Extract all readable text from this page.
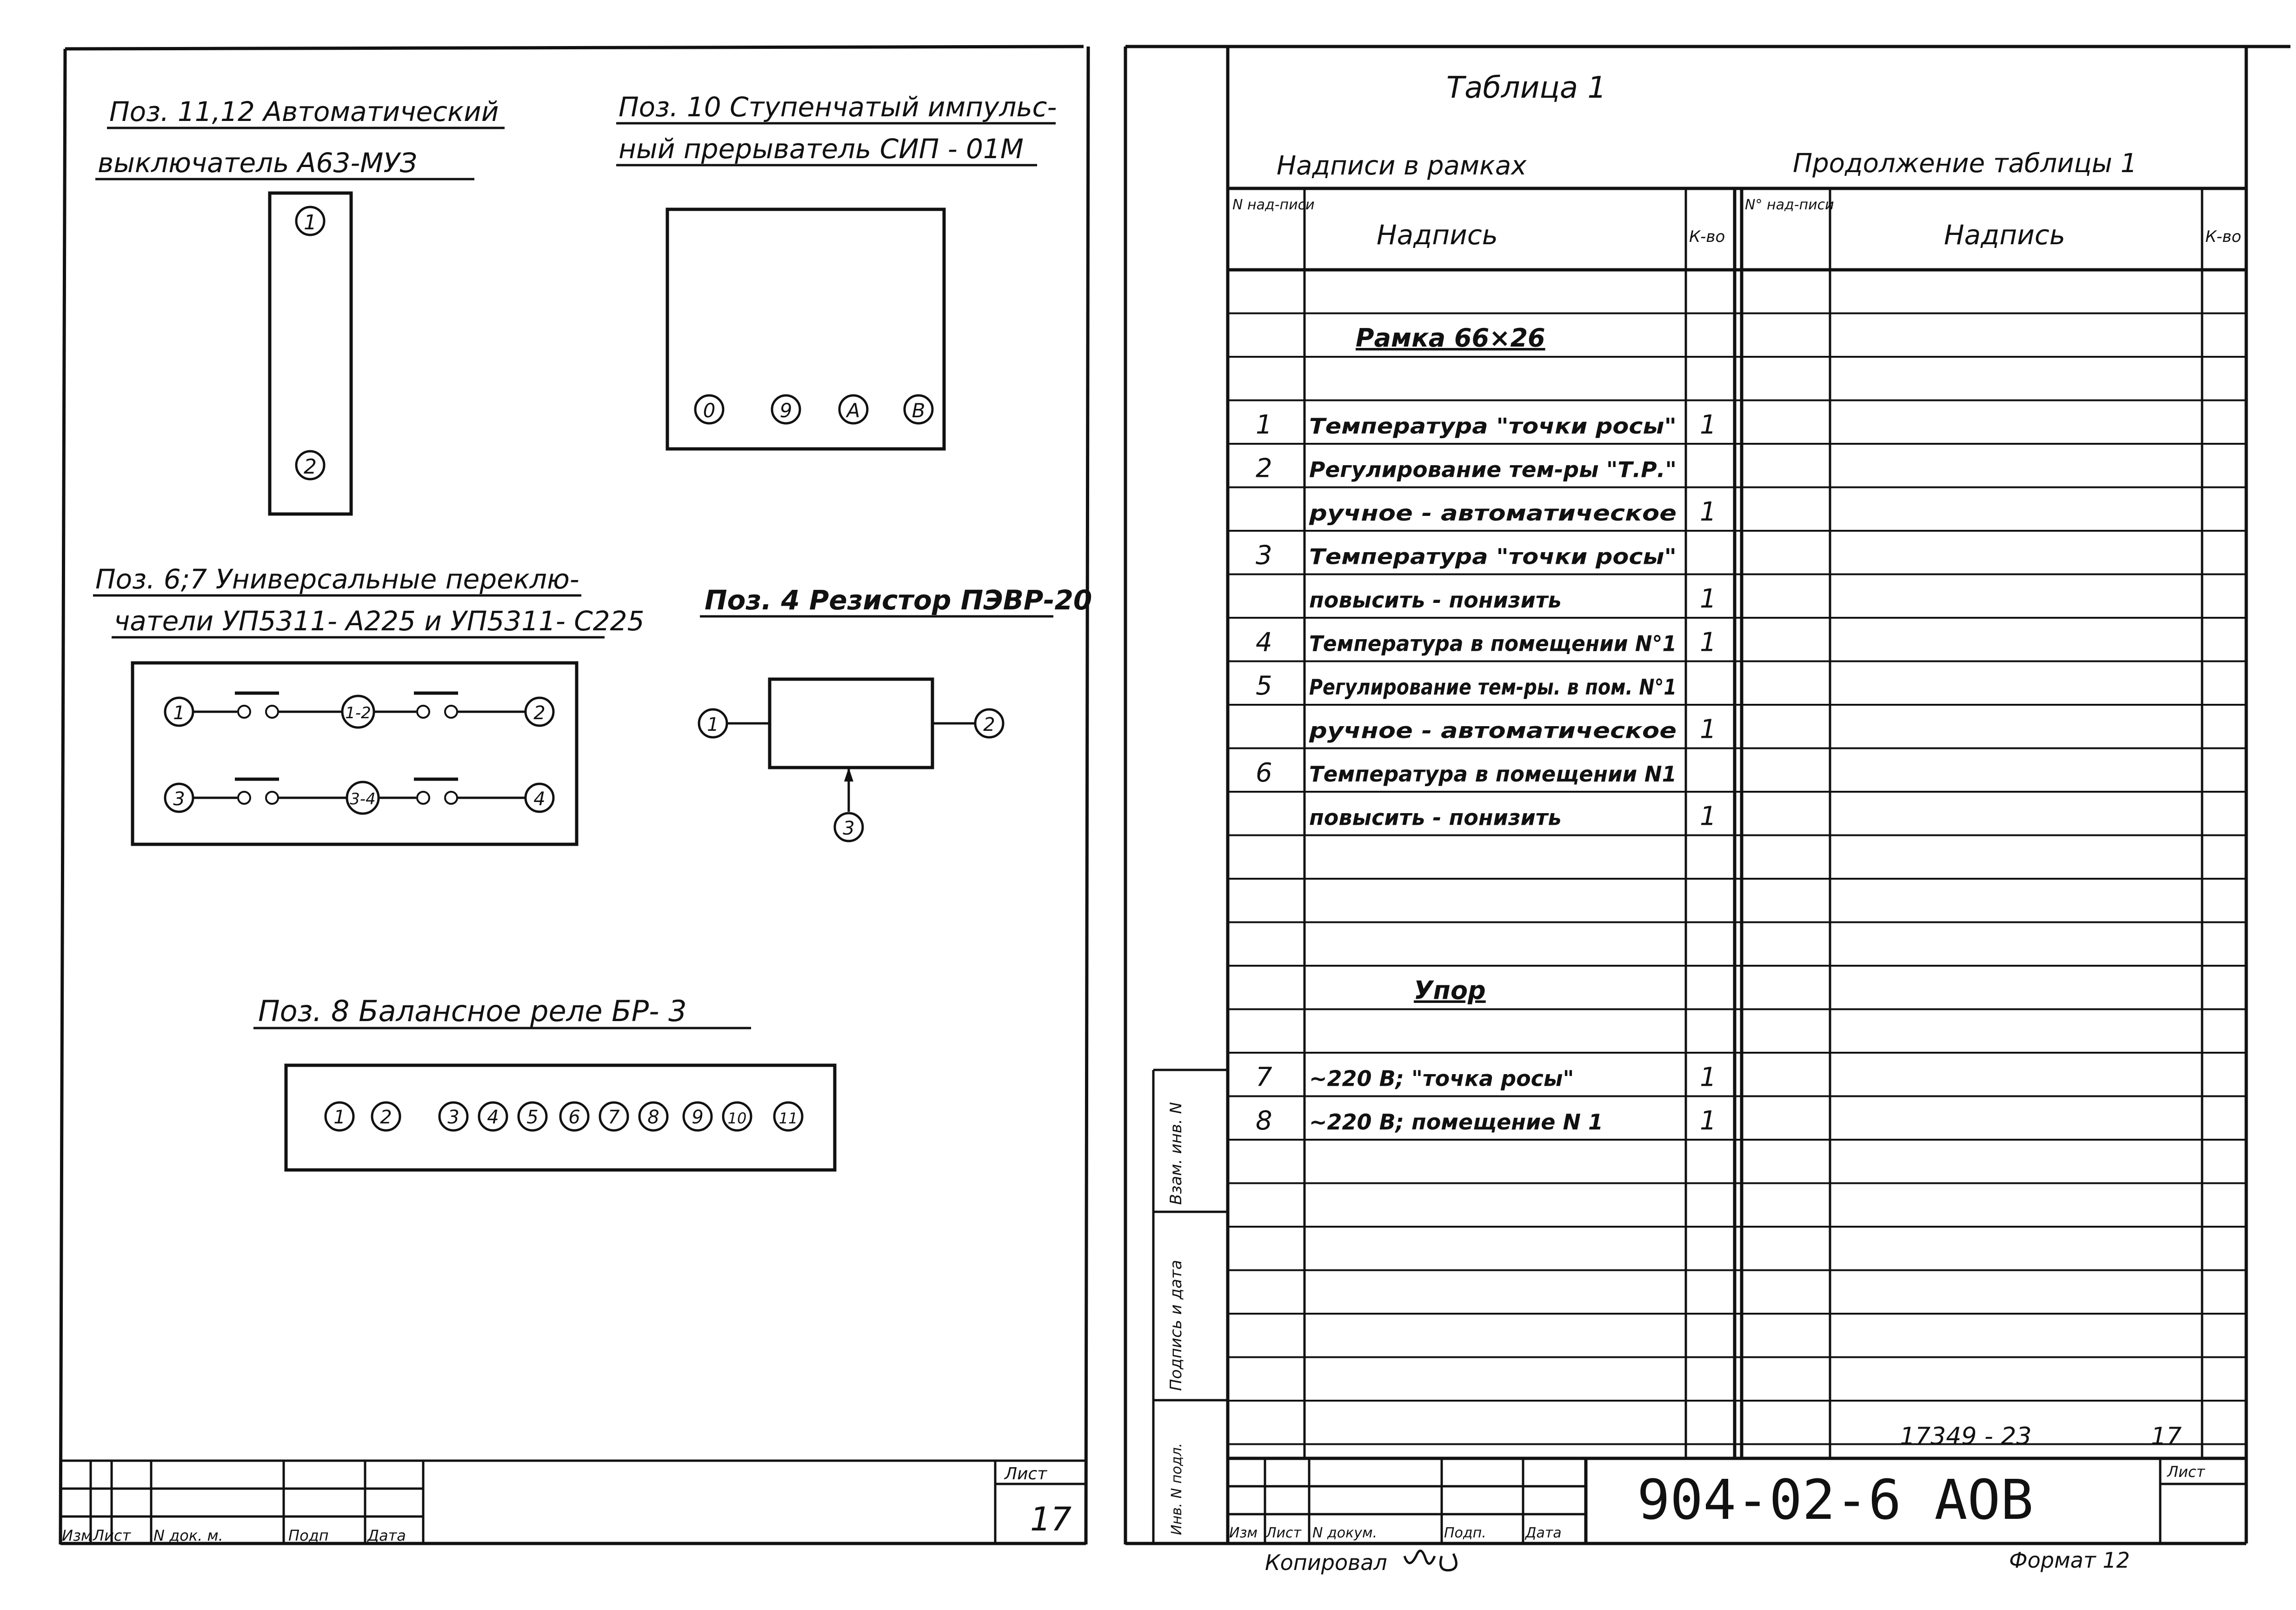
Поз. 11,12 Автоматический
выключатель А63-МУЗ
1
2
Поз. 10 Ступенчатый импульс-
ный прерыватель СИП - 01М
0	9	A	B
Поз. 6;7 Универсальные переклю-
чатели УП5311- А225 и УП5311- С225
1	1-2	2
3	3-4	4
Поз. 4 Резистор ПЭВР-20
1	2
3
Поз. 8 Балансное реле БР- 3
1 2	3 4 5 6 7 8 9 10 11
Изм Лист N док. м.	Подп	Дата
Лист
17
Таблица 1
Надписи в рамках	Продолжение таблицы 1
N над-писи
Надпись	К-во
N° над-писи
Надпись	К-во
Рамка 66×26
1 Температура "точки росы" 1
2 Регулирование тем-ры "Т.Р."
ручное - автоматическое 1
3 Температура "точки росы"
повысить - понизить	1
4 Температура в помещении N°1 1
5 Регулирование тем-ры. в пом. N°1
ручное - автоматическое 1
6 Температура в помещении N1
повысить - понизить	1
Упор
7 ~220 В; "точка росы"	1
8 ~220 В; помещение N 1	1
Взам. инв. N
Подпись и дата
Инв. N подл.
17349 - 23	17
Изм Лист N докум.	Подп.	Дата
Лист
904-02-6 АОВ
Копировал	Формат 12
